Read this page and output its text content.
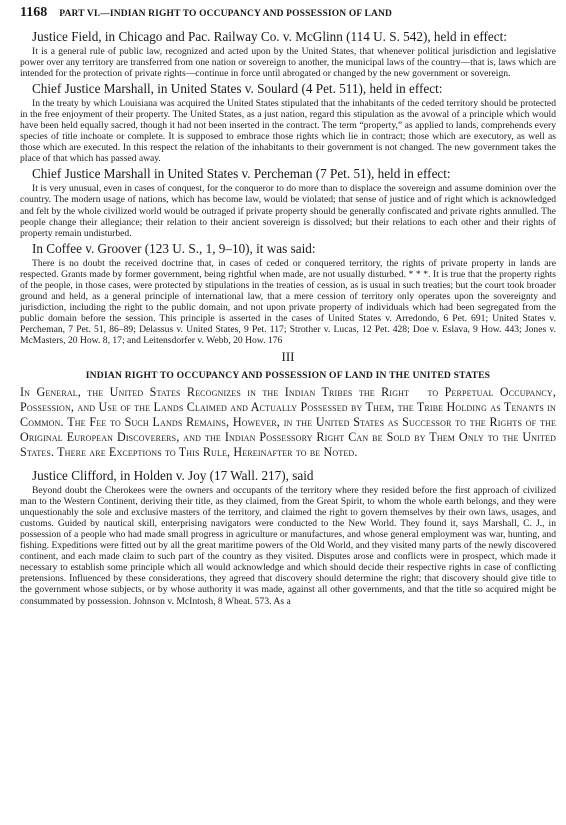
1168 PART VI.—INDIAN RIGHT TO OCCUPANCY AND POSSESSION OF LAND

Justice Field, in Chicago and Pac. Railway Co. v. McGlinn (114 U. S. 542), held in effect:

It is a general rule of public law, recognized and acted upon by the United States, that whenever political jurisdiction and legislative power over any territory are transferred from one nation or sovereign to another, the municipal laws of the country—that is, laws which are intended for the protection of private rights—continue in force until abrogated or changed by the new government or sovereign.

Chief Justice Marshall, in United States v. Soulard (4 Pet. 511), held in effect:

In the treaty by which Louisiana was acquired the United States stipulated that the inhabitants of the ceded territory should be protected in the free enjoyment of their property. The United States, as a just nation, regard this stipulation as the avowal of a principle which would have been held equally sacred, though it had not been inserted in the contract. The term “property,” as applied to lands, comprehends every species of title inchoate or complete. It is supposed to embrace those rights which lie in contract; those which are executory, as well as those which are executed. In this respect the relation of the inhabitants to their government is not changed. The new government takes the place of that which has passed away.

Chief Justice Marshall in United States v. Percheman (7 Pet. 51), held in effect:

It is very unusual, even in cases of conquest, for the conqueror to do more than to displace the sovereign and assume dominion over the country. The modern usage of nations, which has become law, would be violated; that sense of justice and of right which is acknowledged and felt by the whole civilized world would be outraged if private property should be generally confiscated and private rights annulled. The people change their allegiance; their relation to their ancient sovereign is dissolved; but their relations to each other and their rights of property remain undisturbed.

In Coffee v. Groover (123 U. S., 1, 9–10), it was said:

There is no doubt the received doctrine that, in cases of ceded or conquered territory, the rights of private property in lands are respected. Grants made by former government, being rightful when made, are not usually disturbed. * * *. It is true that the property rights of the people, in those cases, were protected by stipulations in the treaties of cession, as is usual in such treaties; but the court took broader ground and held, as a general principle of international law, that a mere cession of territory only operates upon the sovereignty and jurisdiction, including the right to the public domain, and not upon private property of individuals which had been segregated from the public domain before the session. This principle is asserted in the cases of United States v. Arredondo, 6 Pet. 691; United States v. Percheman, 7 Pet. 51, 86–89; Delassus v. United States, 9 Pet. 117; Strother v. Lucas, 12 Pet. 428; Doe v. Eslava, 9 How. 443; Jones v. McMasters, 20 How. 8, 17; and Leitensdorfer v. Webb, 20 How. 176

III
INDIAN RIGHT TO OCCUPANCY AND POSSESSION OF LAND IN THE UNITED STATES

In General, the United States Recognizes in the Indian Tribes the Right to Perpetual Occupancy, Possession, and Use of the Lands Claimed and Actually Possessed by Them, the Tribe Holding as Tenants in Common. The Fee to Such Lands Remains, However, in the United States as Successor to the Rights of the Original European Discoverers, and the Indian Possessory Right Can be Sold by Them Only to the United States. There are Exceptions to This Rule, Hereinafter to be Noted.

Justice Clifford, in Holden v. Joy (17 Wall. 217), said

Beyond doubt the Cherokees were the owners and occupants of the territory where they resided before the first approach of civilized man to the Western Continent, deriving their title, as they claimed, from the Great Spirit, to whom the whole earth belongs, and they were unquestionably the sole and exclusive masters of the territory, and claimed the right to govern themselves by their own laws, usages, and customs. Guided by nautical skill, enterprising navigators were conducted to the New World. They found it, says Marshall, C. J., in possession of a people who had made small progress in agriculture or manufactures, and whose general employment was war, hunting, and fishing. Expeditions were fitted out by all the great maritime powers of the Old World, and they visited many parts of the newly discovered continent, and each made claim to such part of the country as they visited. Disputes arose and conflicts were in prospect, which made it necessary to establish some principle which all would acknowledge and which should decide their respective rights in case of conflicting pretensions. Influenced by these considerations, they agreed that discovery should determine the right; that discovery should give title to the government whose subjects, or by whose authority it was made, against all other governments, and that the title so acquired might be consummated by possession. Johnson v. McIntosh, 8 Wheat. 573. As a
